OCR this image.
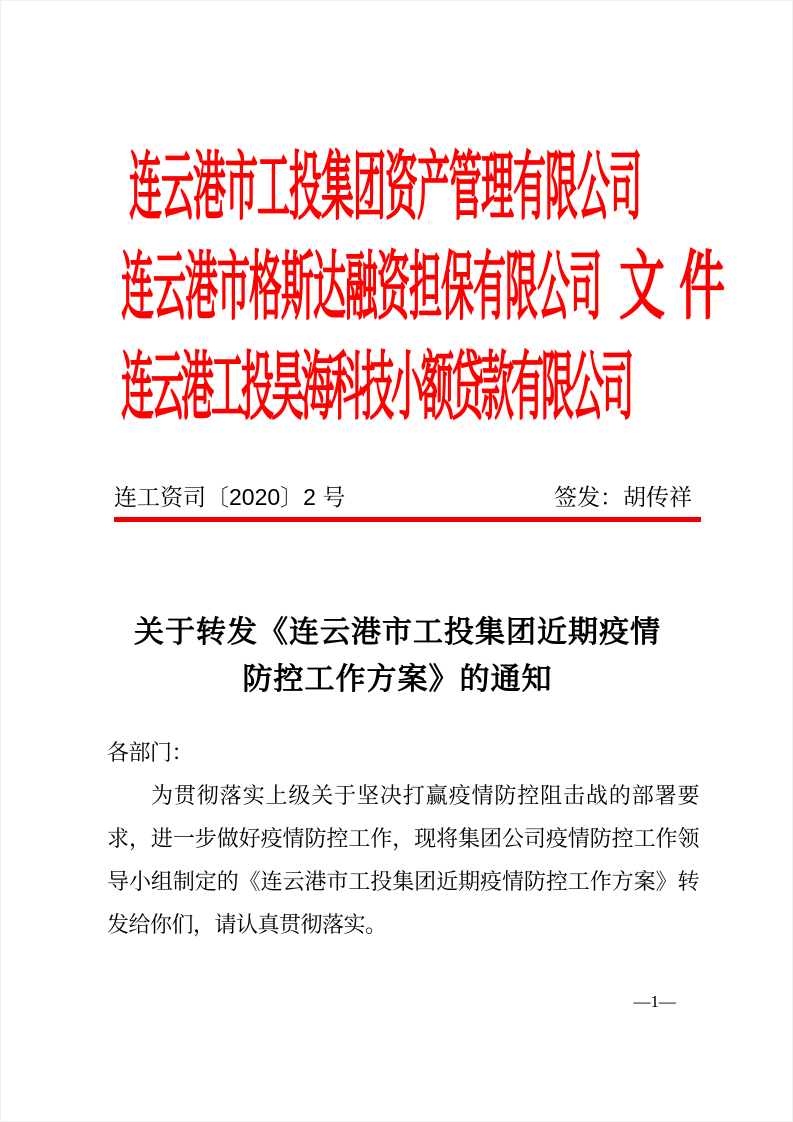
连云港市工投集团资产管理有限公司
连云港市格斯达融资担保有限公司 文件
连云港工投昊海科技小额贷款有限公司
连工资司〔2020〕2 号	签发：胡传祥
关于转发《连云港市工投集团近期疫情
防控工作方案》的通知

各部门：

为贯彻落实上级关于坚决打赢疫情防控阻击战的部署要求，进一步做好疫情防控工作，现将集团公司疫情防控工作领导小组制定的《连云港市工投集团近期疫情防控工作方案》转发给你们，请认真贯彻落实。

—1—
